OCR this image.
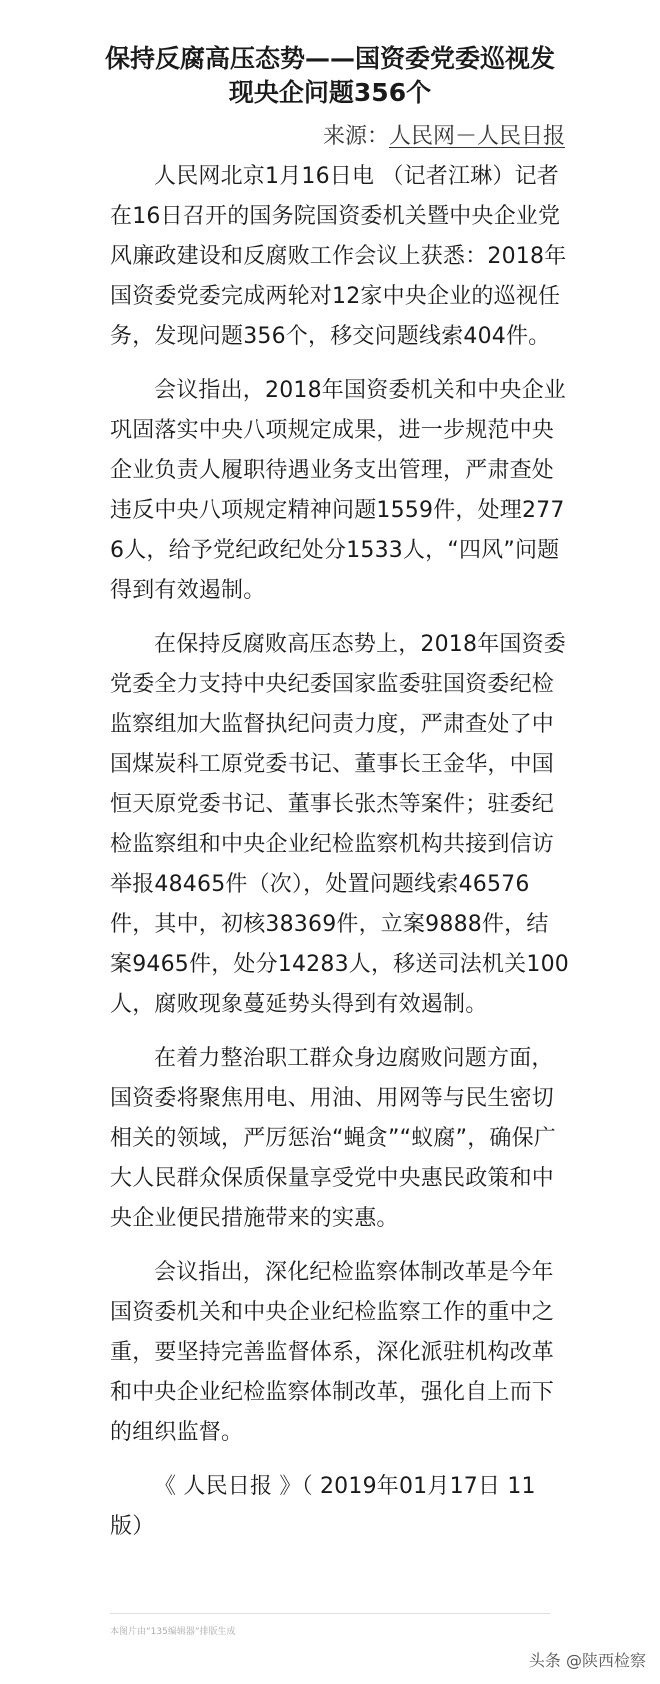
保持反腐高压态势——国资委党委巡视发现央企问题356个
来源：人民网－人民日报

人民网北京1月16日电 （记者江琳）记者在16日召开的国务院国资委机关暨中央企业党风廉政建设和反腐败工作会议上获悉：2018年国资委党委完成两轮对12家中央企业的巡视任务，发现问题356个，移交问题线索404件。

会议指出，2018年国资委机关和中央企业巩固落实中央八项规定成果，进一步规范中央企业负责人履职待遇业务支出管理，严肃查处违反中央八项规定精神问题1559件，处理2776人，给予党纪政纪处分1533人，“四风”问题得到有效遏制。

在保持反腐败高压态势上，2018年国资委党委全力支持中央纪委国家监委驻国资委纪检监察组加大监督执纪问责力度，严肃查处了中国煤炭科工原党委书记、董事长王金华，中国恒天原党委书记、董事长张杰等案件；驻委纪检监察组和中央企业纪检监察机构共接到信访举报48465件（次），处置问题线索46576件，其中，初核38369件，立案9888件，结案9465件，处分14283人，移送司法机关100人，腐败现象蔓延势头得到有效遏制。

在着力整治职工群众身边腐败问题方面，国资委将聚焦用电、用油、用网等与民生密切相关的领域，严厉惩治“蝇贪”“蚁腐”，确保广大人民群众保质保量享受党中央惠民政策和中央企业便民措施带来的实惠。

会议指出，深化纪检监察体制改革是今年国资委机关和中央企业纪检监察工作的重中之重，要坚持完善监督体系，深化派驻机构改革和中央企业纪检监察体制改革，强化自上而下的组织监督。

《 人民日报 》（ 2019年01月17日 11 版）

本图片由“135编辑器”排版生成
头条 @陕西检察
